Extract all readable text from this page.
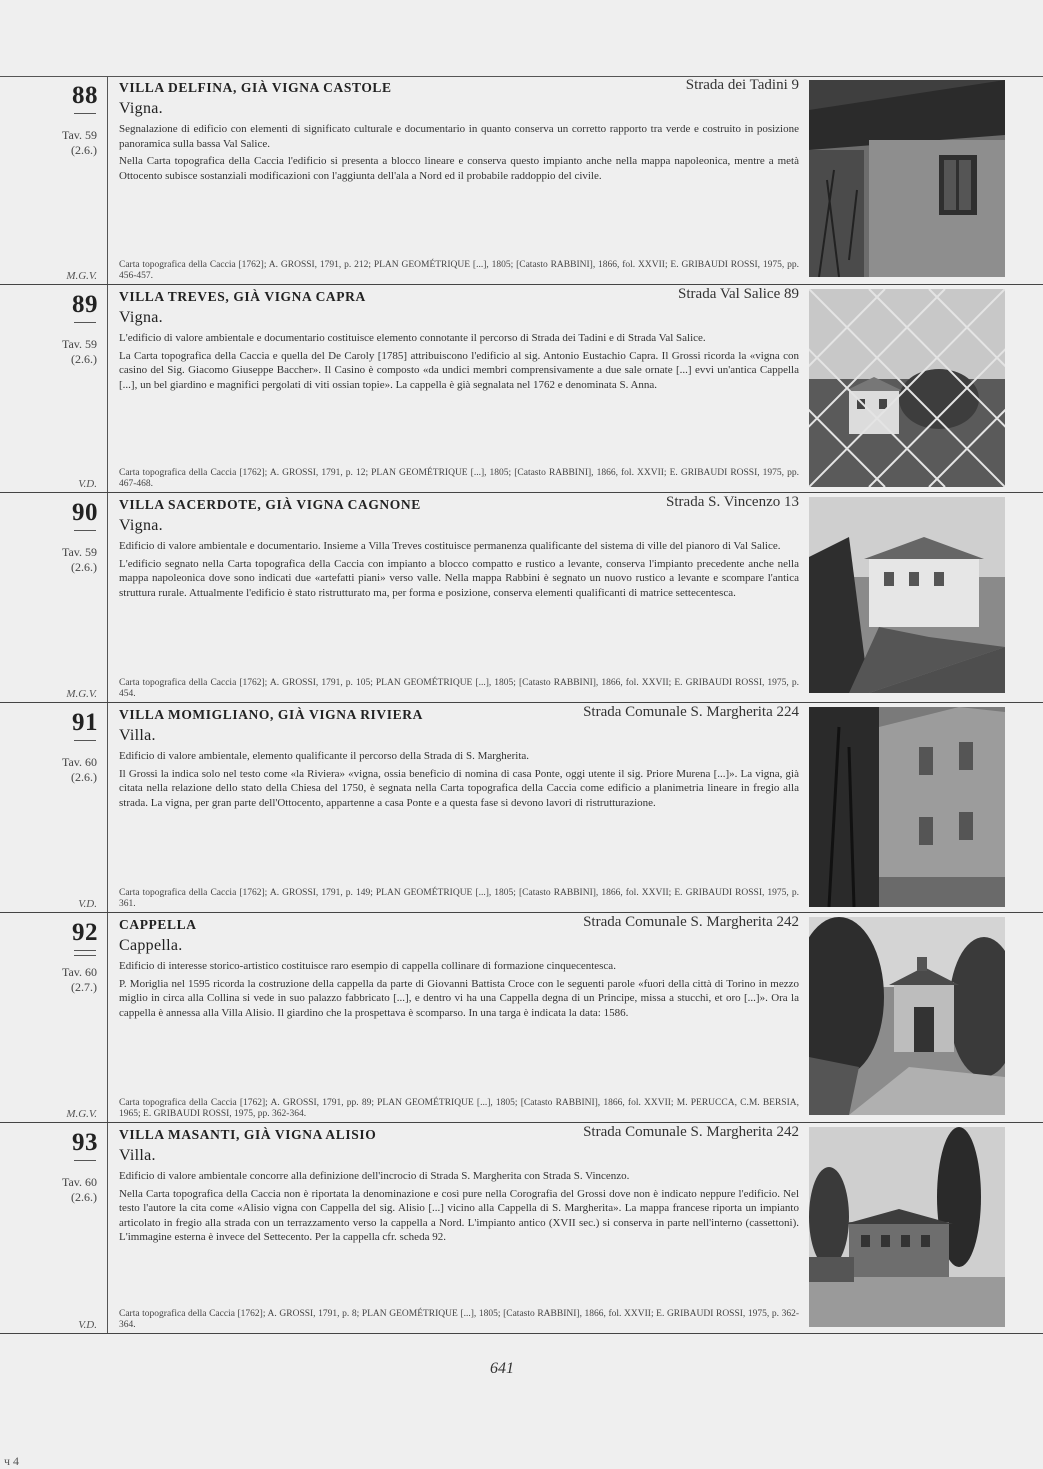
88
Tav. 59
(2.6.)
M.G.V.
VILLA DELFINA, GIÀ VIGNA CASTOLE	Strada dei Tadini 9
Vigna.

Segnalazione di edificio con elementi di significato culturale e documentario in quanto conserva un corretto rapporto tra verde e costruito in posizione panoramica sulla bassa Val Salice.

Nella Carta topografica della Caccia l'edificio si presenta a blocco lineare e conserva questo impianto anche nella mappa napoleonica, mentre a metà Ottocento subisce sostanziali modificazioni con l'aggiunta dell'ala a Nord ed il probabile raddoppio del civile.

Carta topografica della Caccia [1762]; A. GROSSI, 1791, p. 212; PLAN GEOMÉTRIQUE [...], 1805; [Catasto RABBINI], 1866, fol. XXVII; E. GRIBAUDI ROSSI, 1975, pp. 456-457.
89
Tav. 59
(2.6.)
V.D.
VILLA TREVES, GIÀ VIGNA CAPRA	Strada Val Salice 89
Vigna.

L'edificio di valore ambientale e documentario costituisce elemento connotante il percorso di Strada dei Tadini e di Strada Val Salice.

La Carta topografica della Caccia e quella del De Caroly [1785] attribuiscono l'edificio al sig. Antonio Eustachio Capra. Il Grossi ricorda la «vigna con casino del Sig. Giacomo Giuseppe Baccher». Il Casino è composto «da undici membri comprensivamente a due sale ornate [...] evvi un'antica Cappella [...], un bel giardino e magnifici pergolati di viti ossian topie». La cappella è già segnalata nel 1762 e denominata S. Anna.

Carta topografica della Caccia [1762]; A. GROSSI, 1791, p. 12; PLAN GEOMÉTRIQUE [...], 1805; [Catasto RABBINI], 1866, fol. XXVII; E. GRIBAUDI ROSSI, 1975, pp. 467-468.
90
Tav. 59
(2.6.)
M.G.V.
VILLA SACERDOTE, GIÀ VIGNA CAGNONE	Strada S. Vincenzo 13
Vigna.

Edificio di valore ambientale e documentario. Insieme a Villa Treves costituisce permanenza qualificante del sistema di ville del pianoro di Val Salice.

L'edificio segnato nella Carta topografica della Caccia con impianto a blocco compatto e rustico a levante, conserva l'impianto precedente anche nella mappa napoleonica dove sono indicati due «artefatti piani» verso valle. Nella mappa Rabbini è segnato un nuovo rustico a levante e scompare l'antica struttura rurale. Attualmente l'edificio è stato ristrutturato ma, per forma e posizione, conserva elementi qualificanti di matrice settecentesca.

Carta topografica della Caccia [1762]; A. GROSSI, 1791, p. 105; PLAN GEOMÉTRIQUE [...], 1805; [Catasto RABBINI], 1866, fol. XXVII; E. GRIBAUDI ROSSI, 1975, p. 454.
91
Tav. 60
(2.6.)
V.D.
VILLA MOMIGLIANO, GIÀ VIGNA RIVIERA	Strada Comunale S. Margherita 224
Villa.

Edificio di valore ambientale, elemento qualificante il percorso della Strada di S. Margherita.

Il Grossi la indica solo nel testo come «la Riviera» «vigna, ossia beneficio di nomina di casa Ponte, oggi utente il sig. Priore Murena [...]». La vigna, già citata nella relazione dello stato della Chiesa del 1750, è segnata nella Carta topografica della Caccia come edificio a planimetria lineare in fregio alla strada. La vigna, per gran parte dell'Ottocento, appartenne a casa Ponte e a questa fase si devono lavori di ristrutturazione.

Carta topografica della Caccia [1762]; A. GROSSI, 1791, p. 149; PLAN GEOMÉTRIQUE [...], 1805; [Catasto RABBINI], 1866, fol. XXVII; E. GRIBAUDI ROSSI, 1975, p. 361.
92
Tav. 60
(2.7.)
M.G.V.
CAPPELLA	Strada Comunale S. Margherita 242
Cappella.

Edificio di interesse storico-artistico costituisce raro esempio di cappella collinare di formazione cinquecentesca.

P. Moriglia nel 1595 ricorda la costruzione della cappella da parte di Giovanni Battista Croce con le seguenti parole «fuori della città di Torino in mezzo miglio in circa alla Collina si vede in suo palazzo fabbricato [...], e dentro vi ha una Cappella degna di un Principe, missa a stucchi, et oro [...]». Ora la cappella è annessa alla Villa Alisio. Il giardino che la prospettava è scomparso. In una targa è indicata la data: 1586.

Carta topografica della Caccia [1762]; A. GROSSI, 1791, pp. 89; PLAN GEOMÉTRIQUE [...], 1805; [Catasto RABBINI], 1866, fol. XXVII; M. PERUCCA, C.M. BERSIA, 1965; E. GRIBAUDI ROSSI, 1975, pp. 362-364.
93
Tav. 60
(2.6.)
V.D.
VILLA MASANTI, GIÀ VIGNA ALISIO	Strada Comunale S. Margherita 242
Villa.

Edificio di valore ambientale concorre alla definizione dell'incrocio di Strada S. Margherita con Strada S. Vincenzo.

Nella Carta topografica della Caccia non è riportata la denominazione e così pure nella Corografia del Grossi dove non è indicato neppure l'edificio. Nel testo l'autore la cita come «Alisio vigna con Cappella del sig. Alisio [...] vicino alla Cappella di S. Margherita». La mappa francese riporta un impianto articolato in fregio alla strada con un terrazzamento verso la cappella a Nord. L'impianto antico (XVII sec.) si conserva in parte nell'interno (cassettoni). L'immagine esterna è invece del Settecento. Per la cappella cfr. scheda 92.

Carta topografica della Caccia [1762]; A. GROSSI, 1791, p. 8; PLAN GEOMÉTRIQUE [...], 1805; [Catasto RABBINI], 1866, fol. XXVII; E. GRIBAUDI ROSSI, 1975, p. 362-364.
641
ч 4
